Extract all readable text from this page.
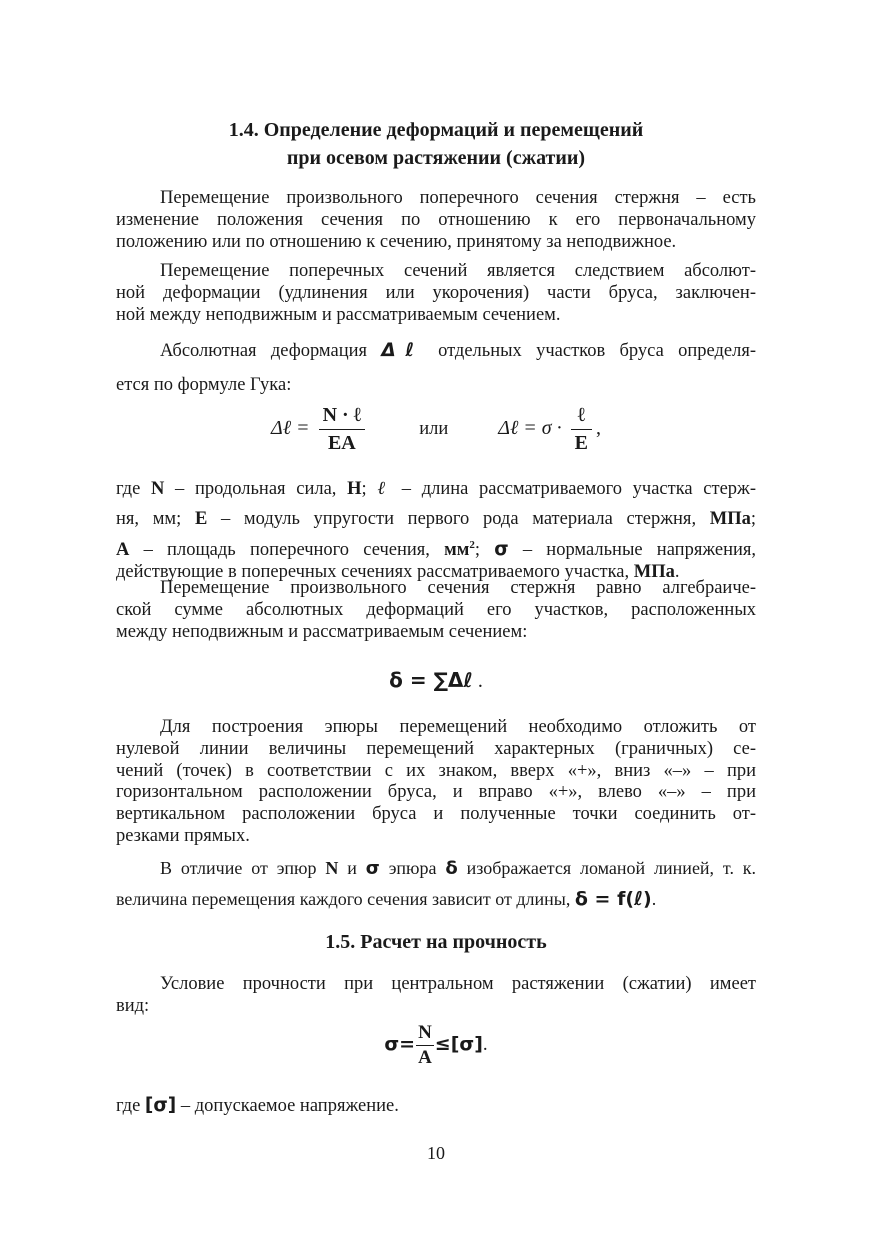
1.4. Определение деформаций и перемещений
при осевом растяжении (сжатии)
Перемещение произвольного поперечного сечения стержня – есть
изменение положения сечения по отношению к его первоначальному
положению или по отношению к сечению, принятому за неподвижное.
Перемещение поперечных сечений является следствием абсолют-
ной деформации (удлинения или укорочения) части бруса, заключен-
ной между неподвижным и рассматриваемым сечением.
Абсолютная деформация Δℓ отдельных участков бруса определя-
ется по формуле Гука:
Δℓ = $\frac{\text{N · ℓ}}{EA}$	или	Δℓ = $\sigma \cdot \frac{\text{ℓ}}{E}$ ,
где N – продольная сила, Н; ℓ – длина рассматриваемого участка стерж-
ня, мм; E – модуль упругости первого рода материала стержня, МПа;
A – площадь поперечного сечения, $мм^2$; σ – нормальные напряжения,
действующие в поперечных сечениях рассматриваемого участка, МПа.
Перемещение произвольного сечения стержня равно алгебраиче-
ской сумме абсолютных деформаций его участков, расположенных
между неподвижным и рассматриваемым сечением:
δ = ∑Δℓ .
Для построения эпюры перемещений необходимо отложить от
нулевой линии величины перемещений характерных (граничных) се-
чений (точек) в соответствии с их знаком, вверх «+», вниз «–» – при
горизонтальном расположении бруса, и вправо «+», влево «–» – при
вертикальном расположении бруса и полученные точки соединить от-
резками прямых.
В отличие от эпюр N и σ эпюра δ изображается ломаной линией, т. к.
величина перемещения каждого сечения зависит от длины, δ = f(ℓ).
1.5. Расчет на прочность
Условие прочности при центральном растяжении (сжатии) имеет
вид:
$\sigma= \frac{N}{A} \le[\sigma]$.
где [σ] – допускаемое напряжение.
10
